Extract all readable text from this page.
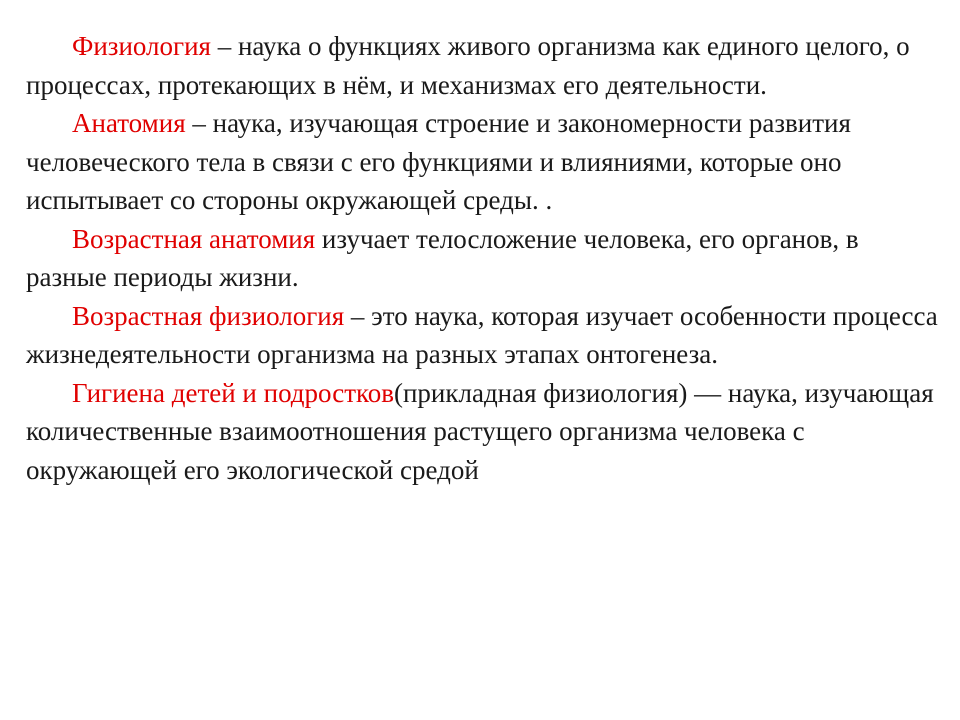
Физиология – наука о функциях живого организма как единого целого, о процессах, протекающих в нём, и механизмах его деятельности.

Анатомия – наука, изучающая строение и закономерности развития человеческого тела в связи с его функциями и влияниями, которые оно испытывает со стороны окружающей среды. .

Возрастная анатомия изучает телосложение человека, его органов, в разные периоды жизни.

Возрастная физиология – это наука, которая изучает особенности процесса жизнедеятельности организма на разных этапах онтогенеза.

Гигиена детей и подростков(прикладная физиология) — наука, изучающая количественные взаимоотношения растущего организма человека с окружающей его экологической средой
